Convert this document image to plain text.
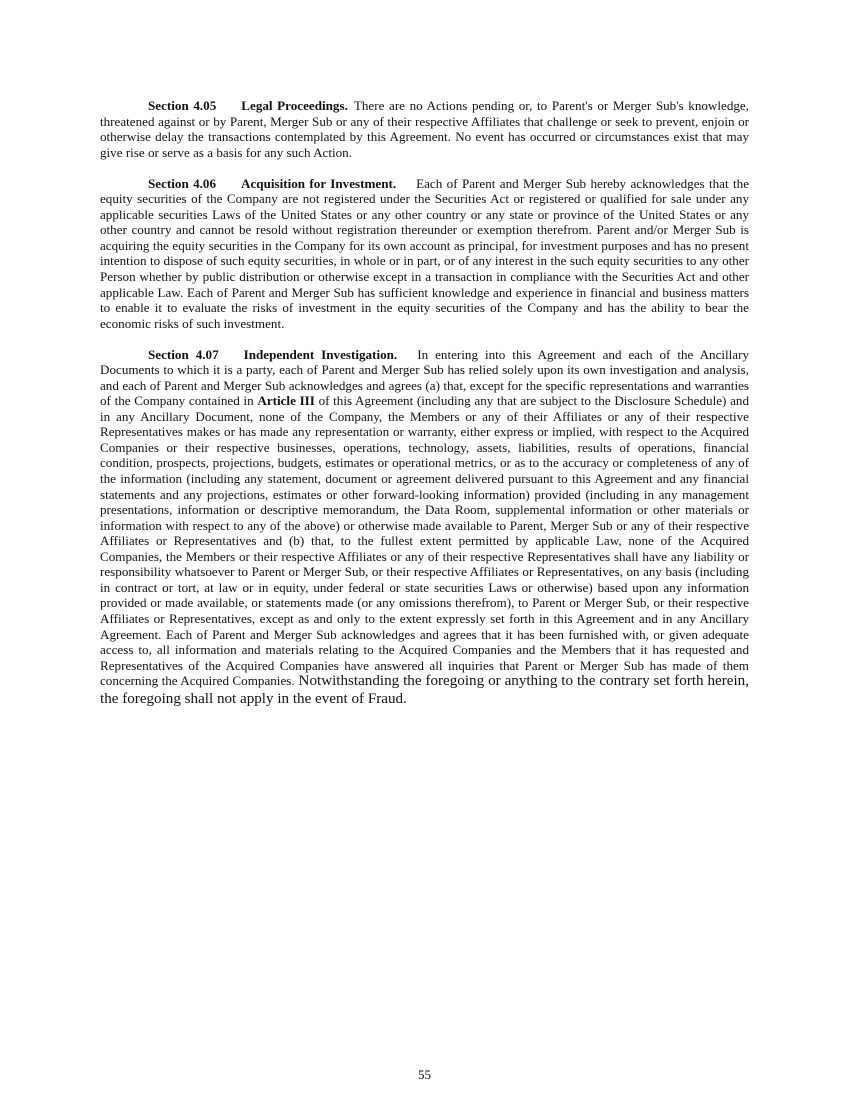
Section 4.05 Legal Proceedings. There are no Actions pending or, to Parent's or Merger Sub's knowledge, threatened against or by Parent, Merger Sub or any of their respective Affiliates that challenge or seek to prevent, enjoin or otherwise delay the transactions contemplated by this Agreement. No event has occurred or circumstances exist that may give rise or serve as a basis for any such Action.

Section 4.06 Acquisition for Investment. Each of Parent and Merger Sub hereby acknowledges that the equity securities of the Company are not registered under the Securities Act or registered or qualified for sale under any applicable securities Laws of the United States or any other country or any state or province of the United States or any other country and cannot be resold without registration thereunder or exemption therefrom. Parent and/or Merger Sub is acquiring the equity securities in the Company for its own account as principal, for investment purposes and has no present intention to dispose of such equity securities, in whole or in part, or of any interest in the such equity securities to any other Person whether by public distribution or otherwise except in a transaction in compliance with the Securities Act and other applicable Law. Each of Parent and Merger Sub has sufficient knowledge and experience in financial and business matters to enable it to evaluate the risks of investment in the equity securities of the Company and has the ability to bear the economic risks of such investment.

Section 4.07 Independent Investigation. In entering into this Agreement and each of the Ancillary Documents to which it is a party, each of Parent and Merger Sub has relied solely upon its own investigation and analysis, and each of Parent and Merger Sub acknowledges and agrees (a) that, except for the specific representations and warranties of the Company contained in Article III of this Agreement (including any that are subject to the Disclosure Schedule) and in any Ancillary Document, none of the Company, the Members or any of their Affiliates or any of their respective Representatives makes or has made any representation or warranty, either express or implied, with respect to the Acquired Companies or their respective businesses, operations, technology, assets, liabilities, results of operations, financial condition, prospects, projections, budgets, estimates or operational metrics, or as to the accuracy or completeness of any of the information (including any statement, document or agreement delivered pursuant to this Agreement and any financial statements and any projections, estimates or other forward-looking information) provided (including in any management presentations, information or descriptive memorandum, the Data Room, supplemental information or other materials or information with respect to any of the above) or otherwise made available to Parent, Merger Sub or any of their respective Affiliates or Representatives and (b) that, to the fullest extent permitted by applicable Law, none of the Acquired Companies, the Members or their respective Affiliates or any of their respective Representatives shall have any liability or responsibility whatsoever to Parent or Merger Sub, or their respective Affiliates or Representatives, on any basis (including in contract or tort, at law or in equity, under federal or state securities Laws or otherwise) based upon any information provided or made available, or statements made (or any omissions therefrom), to Parent or Merger Sub, or their respective Affiliates or Representatives, except as and only to the extent expressly set forth in this Agreement and in any Ancillary Agreement. Each of Parent and Merger Sub acknowledges and agrees that it has been furnished with, or given adequate access to, all information and materials relating to the Acquired Companies and the Members that it has requested and Representatives of the Acquired Companies have answered all inquiries that Parent or Merger Sub has made of them concerning the Acquired Companies. Notwithstanding the foregoing or anything to the contrary set forth herein, the foregoing shall not apply in the event of Fraud.

55
